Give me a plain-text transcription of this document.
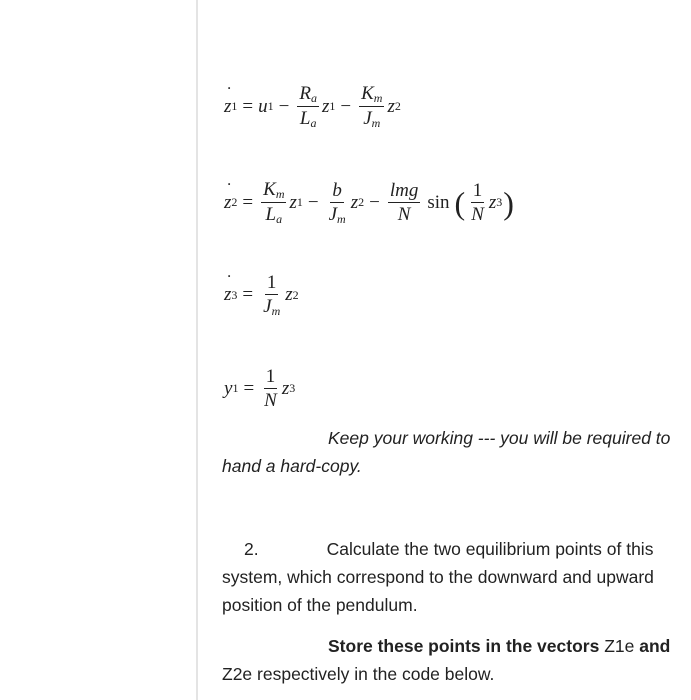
˙ z 1 = u $1 - \frac{R_a}{L_a}$ z $1 - \frac{K_m}{J_m}$ z 2
˙ z $2 = \frac{K_m}{L_a}$ z $1 - \frac{b}{J_m}$ z $2 - \frac{\text{lmg}}{N}$ sin ( $\frac{1}{N}$ z 3 )
˙ z $3 = \frac{1}{J_m}$ z 2
y $1 = \frac{1}{N}$ z 3
Keep your working --- you will be required to hand a hard-copy.
2.	Calculate the two equilibrium points of this system, which correspond to the downward and upward position of the pendulum.
Store these points in the vectors Z1e and Z2e respectively in the code below.
